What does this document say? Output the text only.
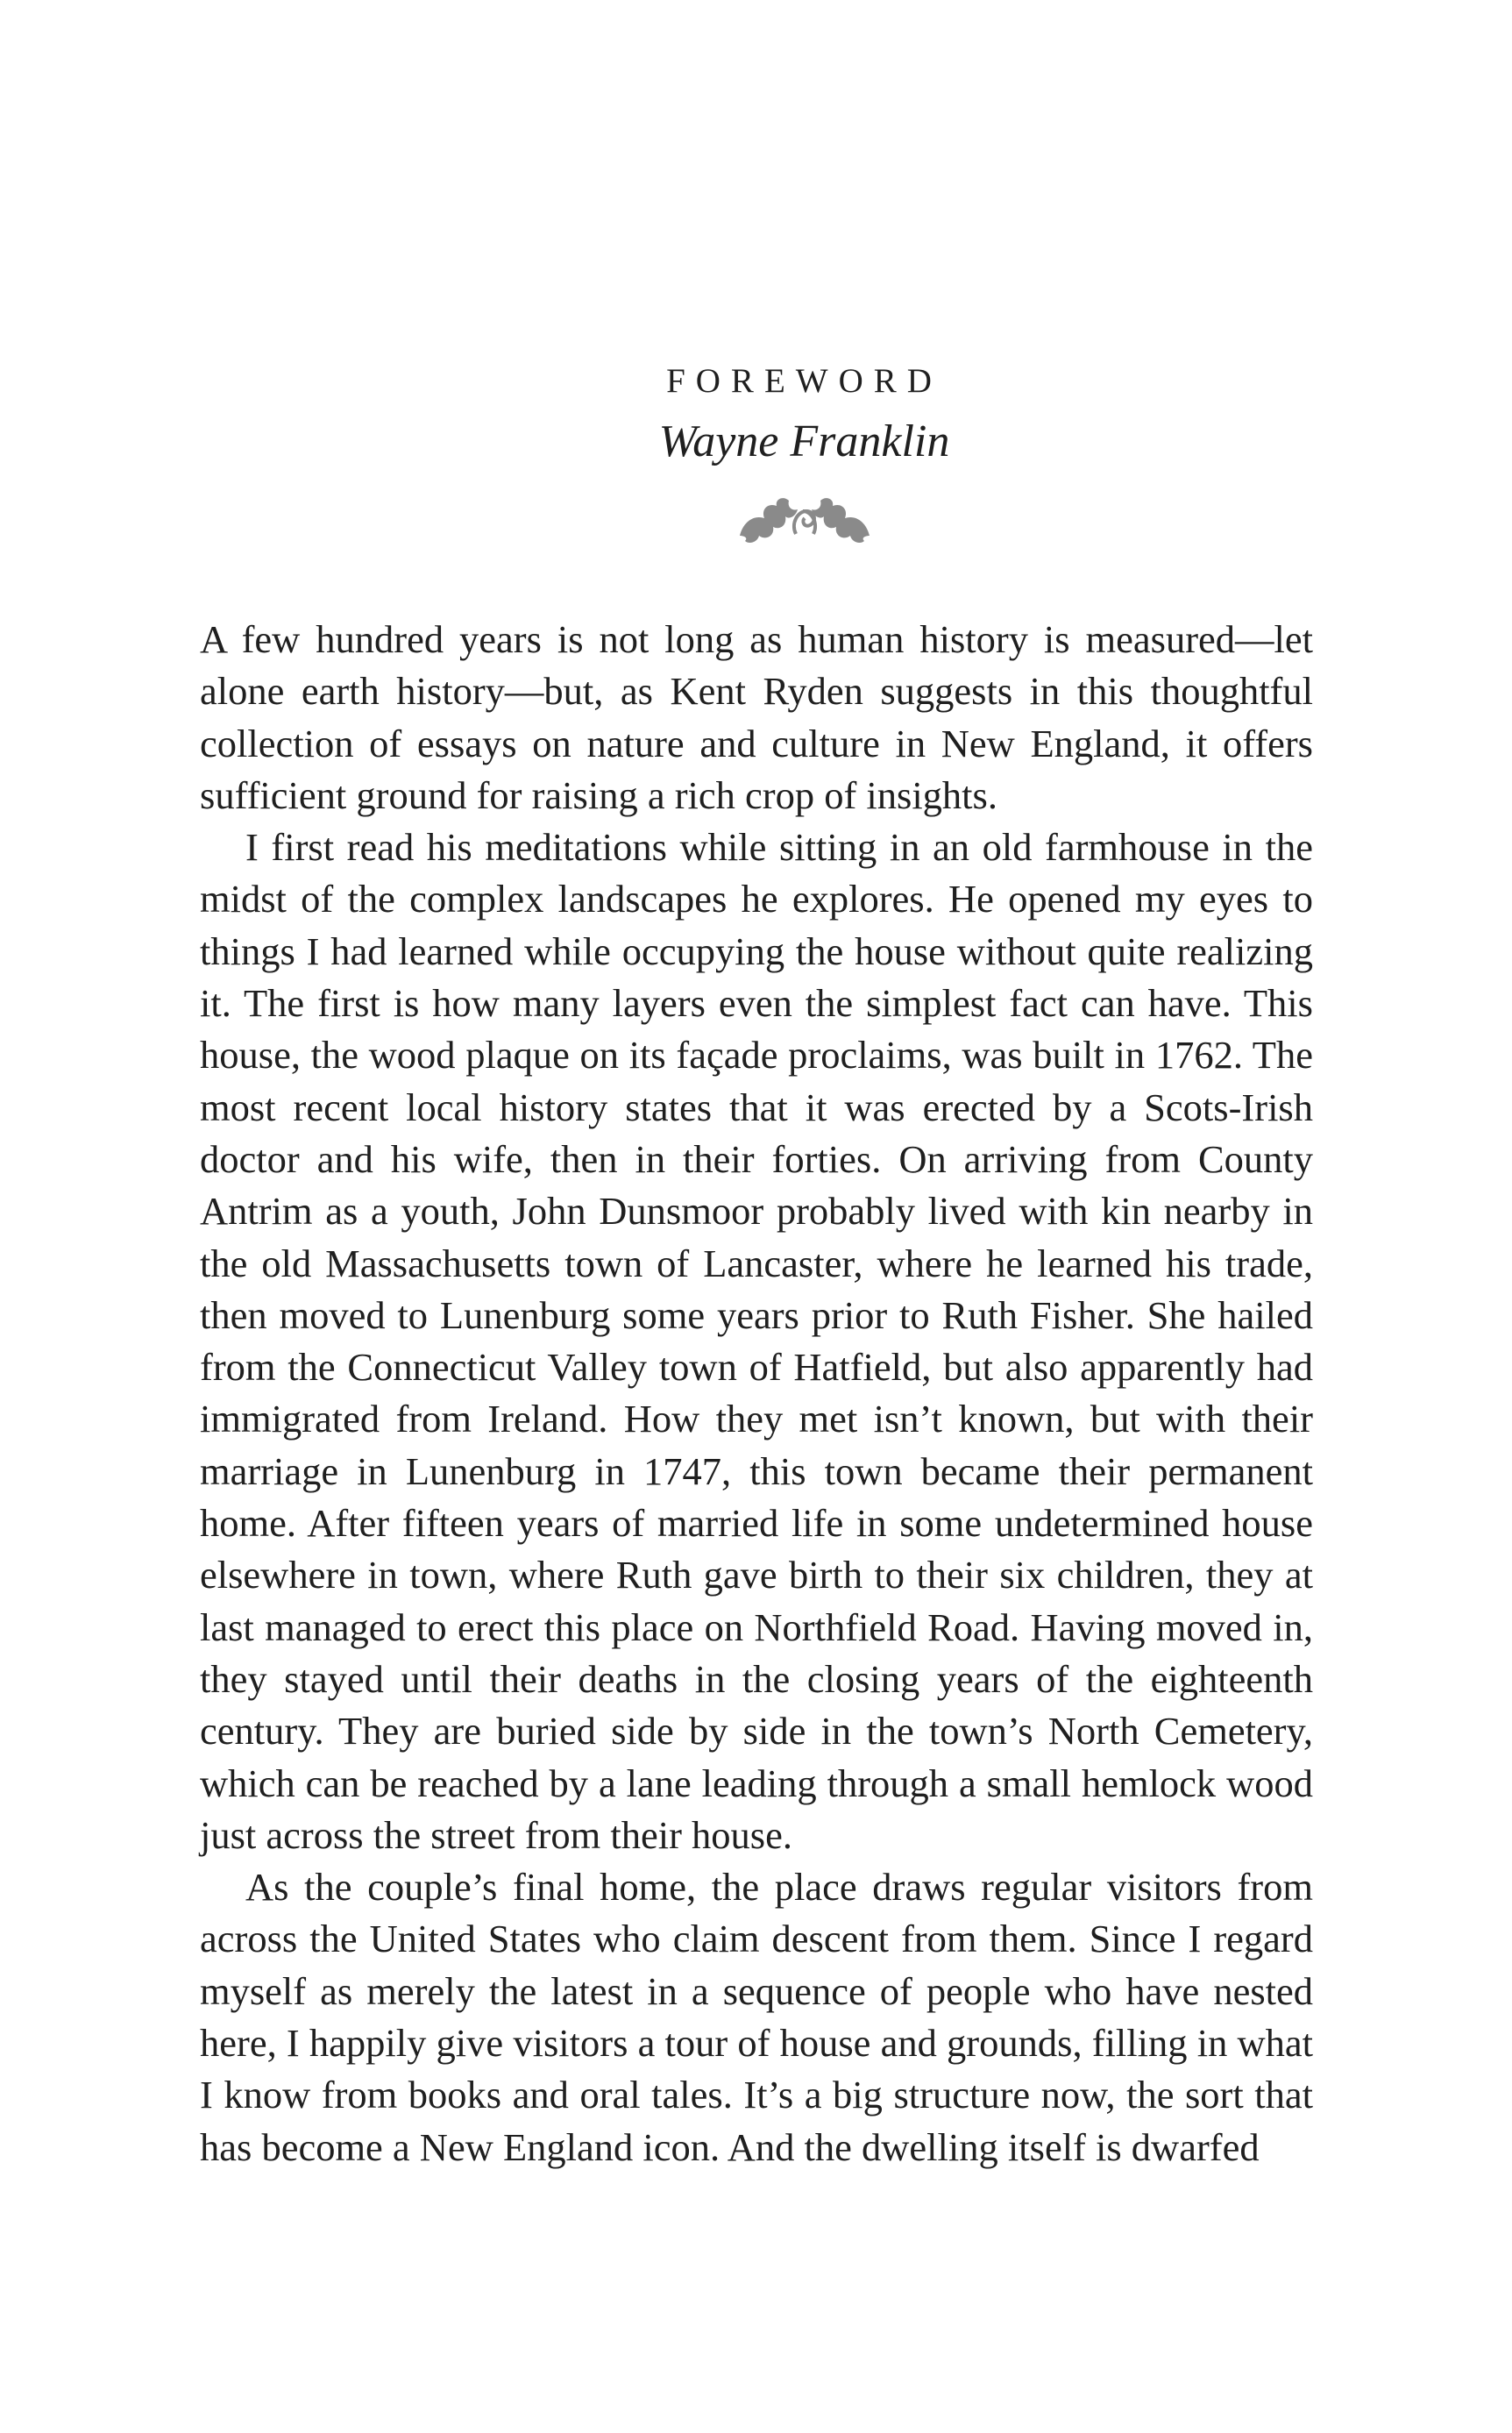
FOREWORD
Wayne Franklin

A few hundred years is not long as human history is measured—let alone earth history—but, as Kent Ryden suggests in this thoughtful collection of essays on nature and culture in New England, it offers sufficient ground for raising a rich crop of insights.

I first read his meditations while sitting in an old farmhouse in the midst of the complex landscapes he explores. He opened my eyes to things I had learned while occupying the house without quite realizing it. The first is how many layers even the simplest fact can have. This house, the wood plaque on its façade proclaims, was built in 1762. The most recent local history states that it was erected by a Scots-Irish doctor and his wife, then in their forties. On arriving from County Antrim as a youth, John Dunsmoor probably lived with kin nearby in the old Massachusetts town of Lancaster, where he learned his trade, then moved to Lunenburg some years prior to Ruth Fisher. She hailed from the Connecticut Valley town of Hatfield, but also apparently had immigrated from Ireland. How they met isn’t known, but with their marriage in Lunenburg in 1747, this town became their permanent home. After fifteen years of married life in some undetermined house elsewhere in town, where Ruth gave birth to their six children, they at last managed to erect this place on Northfield Road. Having moved in, they stayed until their deaths in the closing years of the eighteenth century. They are buried side by side in the town’s North Cemetery, which can be reached by a lane leading through a small hemlock wood just across the street from their house.

As the couple’s final home, the place draws regular visitors from across the United States who claim descent from them. Since I regard myself as merely the latest in a sequence of people who have nested here, I happily give visitors a tour of house and grounds, filling in what I know from books and oral tales. It’s a big structure now, the sort that has become a New England icon. And the dwelling itself is dwarfed
